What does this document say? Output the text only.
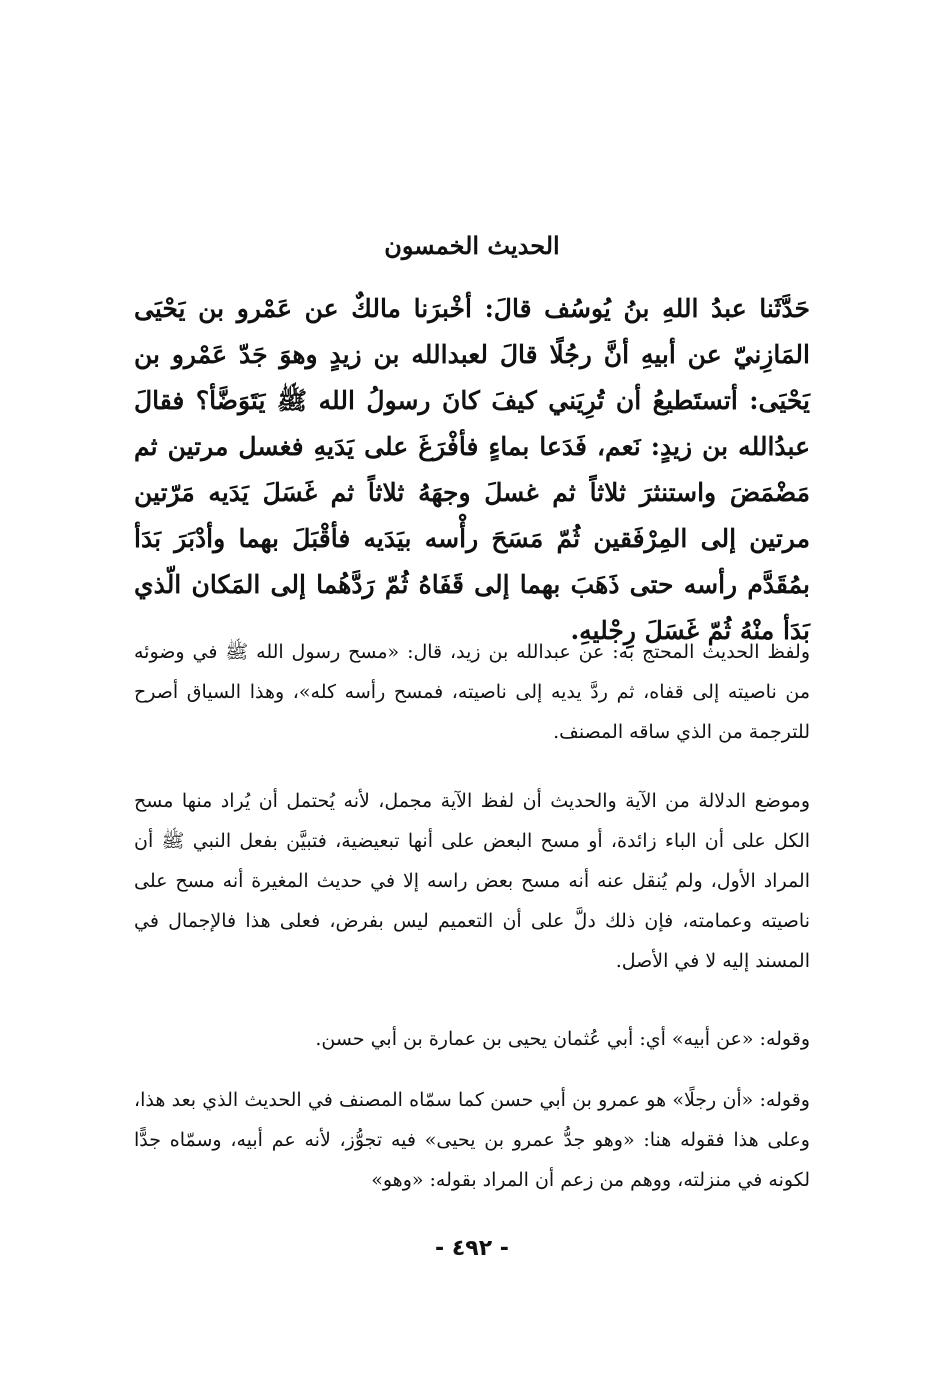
الحديث الخمسون
حَدَّثَنا عبدُ اللهِ بنُ يُوسُف قالَ: أخْبرَنا مالكٌ عن عَمْرو بن يَحْيَى المَازِنيّ عن أبيهِ أنَّ رجُلًا قالَ لعبدالله بن زيدٍ وهوَ جَدّ عَمْرو بن يَحْيَى: أتستَطيعُ أن تُرِيَني كيفَ كانَ رسولُ الله ﷺ يَتَوَضَّأ؟ فقالَ عبدُالله بن زيدٍ: نَعم، فَدَعا بماءٍ فأفْرَغَ على يَدَيهِ فغسل مرتين ثم مَضْمَضَ واستنثرَ ثلاثاً ثم غسلَ وجهَهُ ثلاثاً ثم غَسَلَ يَدَيه مَرّتين مرتين إلى المِرْفَقين ثُمّ مَسَحَ رأْسه بيَدَيه فأقْبَلَ بهما وأدْبَرَ بَدَأ بمُقَدَّم رأسه حتى ذَهَبَ بهما إلى قَفَاهُ ثُمّ رَدَّهُما إلى المَكان الّذي بَدَأ منْهُ ثُمّ غَسَلَ رِجْليهِ.
ولفظ الحديث المحتج به: عن عبدالله بن زيد، قال: «مسح رسول الله ﷺ في وضوئه من ناصيته إلى قفاه، ثم ردَّ يديه إلى ناصيته، فمسح رأسه كله»، وهذا السياق أصرح للترجمة من الذي ساقه المصنف.
وموضع الدلالة من الآية والحديث أن لفظ الآية مجمل، لأنه يُحتمل أن يُراد منها مسح الكل على أن الباء زائدة، أو مسح البعض على أنها تبعيضية، فتبيَّن بفعل النبي ﷺ أن المراد الأول، ولم يُنقل عنه أنه مسح بعض راسه إلا في حديث المغيرة أنه مسح على ناصيته وعمامته، فإن ذلك دلَّ على أن التعميم ليس بفرض، فعلى هذا فالإجمال في المسند إليه لا في الأصل.
وقوله: «عن أبيه» أي: أبي عُثمان يحيى بن عمارة بن أبي حسن.
وقوله: «أن رجلًا» هو عمرو بن أبي حسن كما سمّاه المصنف في الحديث الذي بعد هذا، وعلى هذا فقوله هنا: «وهو جدُّ عمرو بن يحيى» فيه تجوُّز، لأنه عم أبيه، وسمّاه جدًّا لكونه في منزلته، ووهم من زعم أن المراد بقوله: «وهو»
- ٤٩٢ -
